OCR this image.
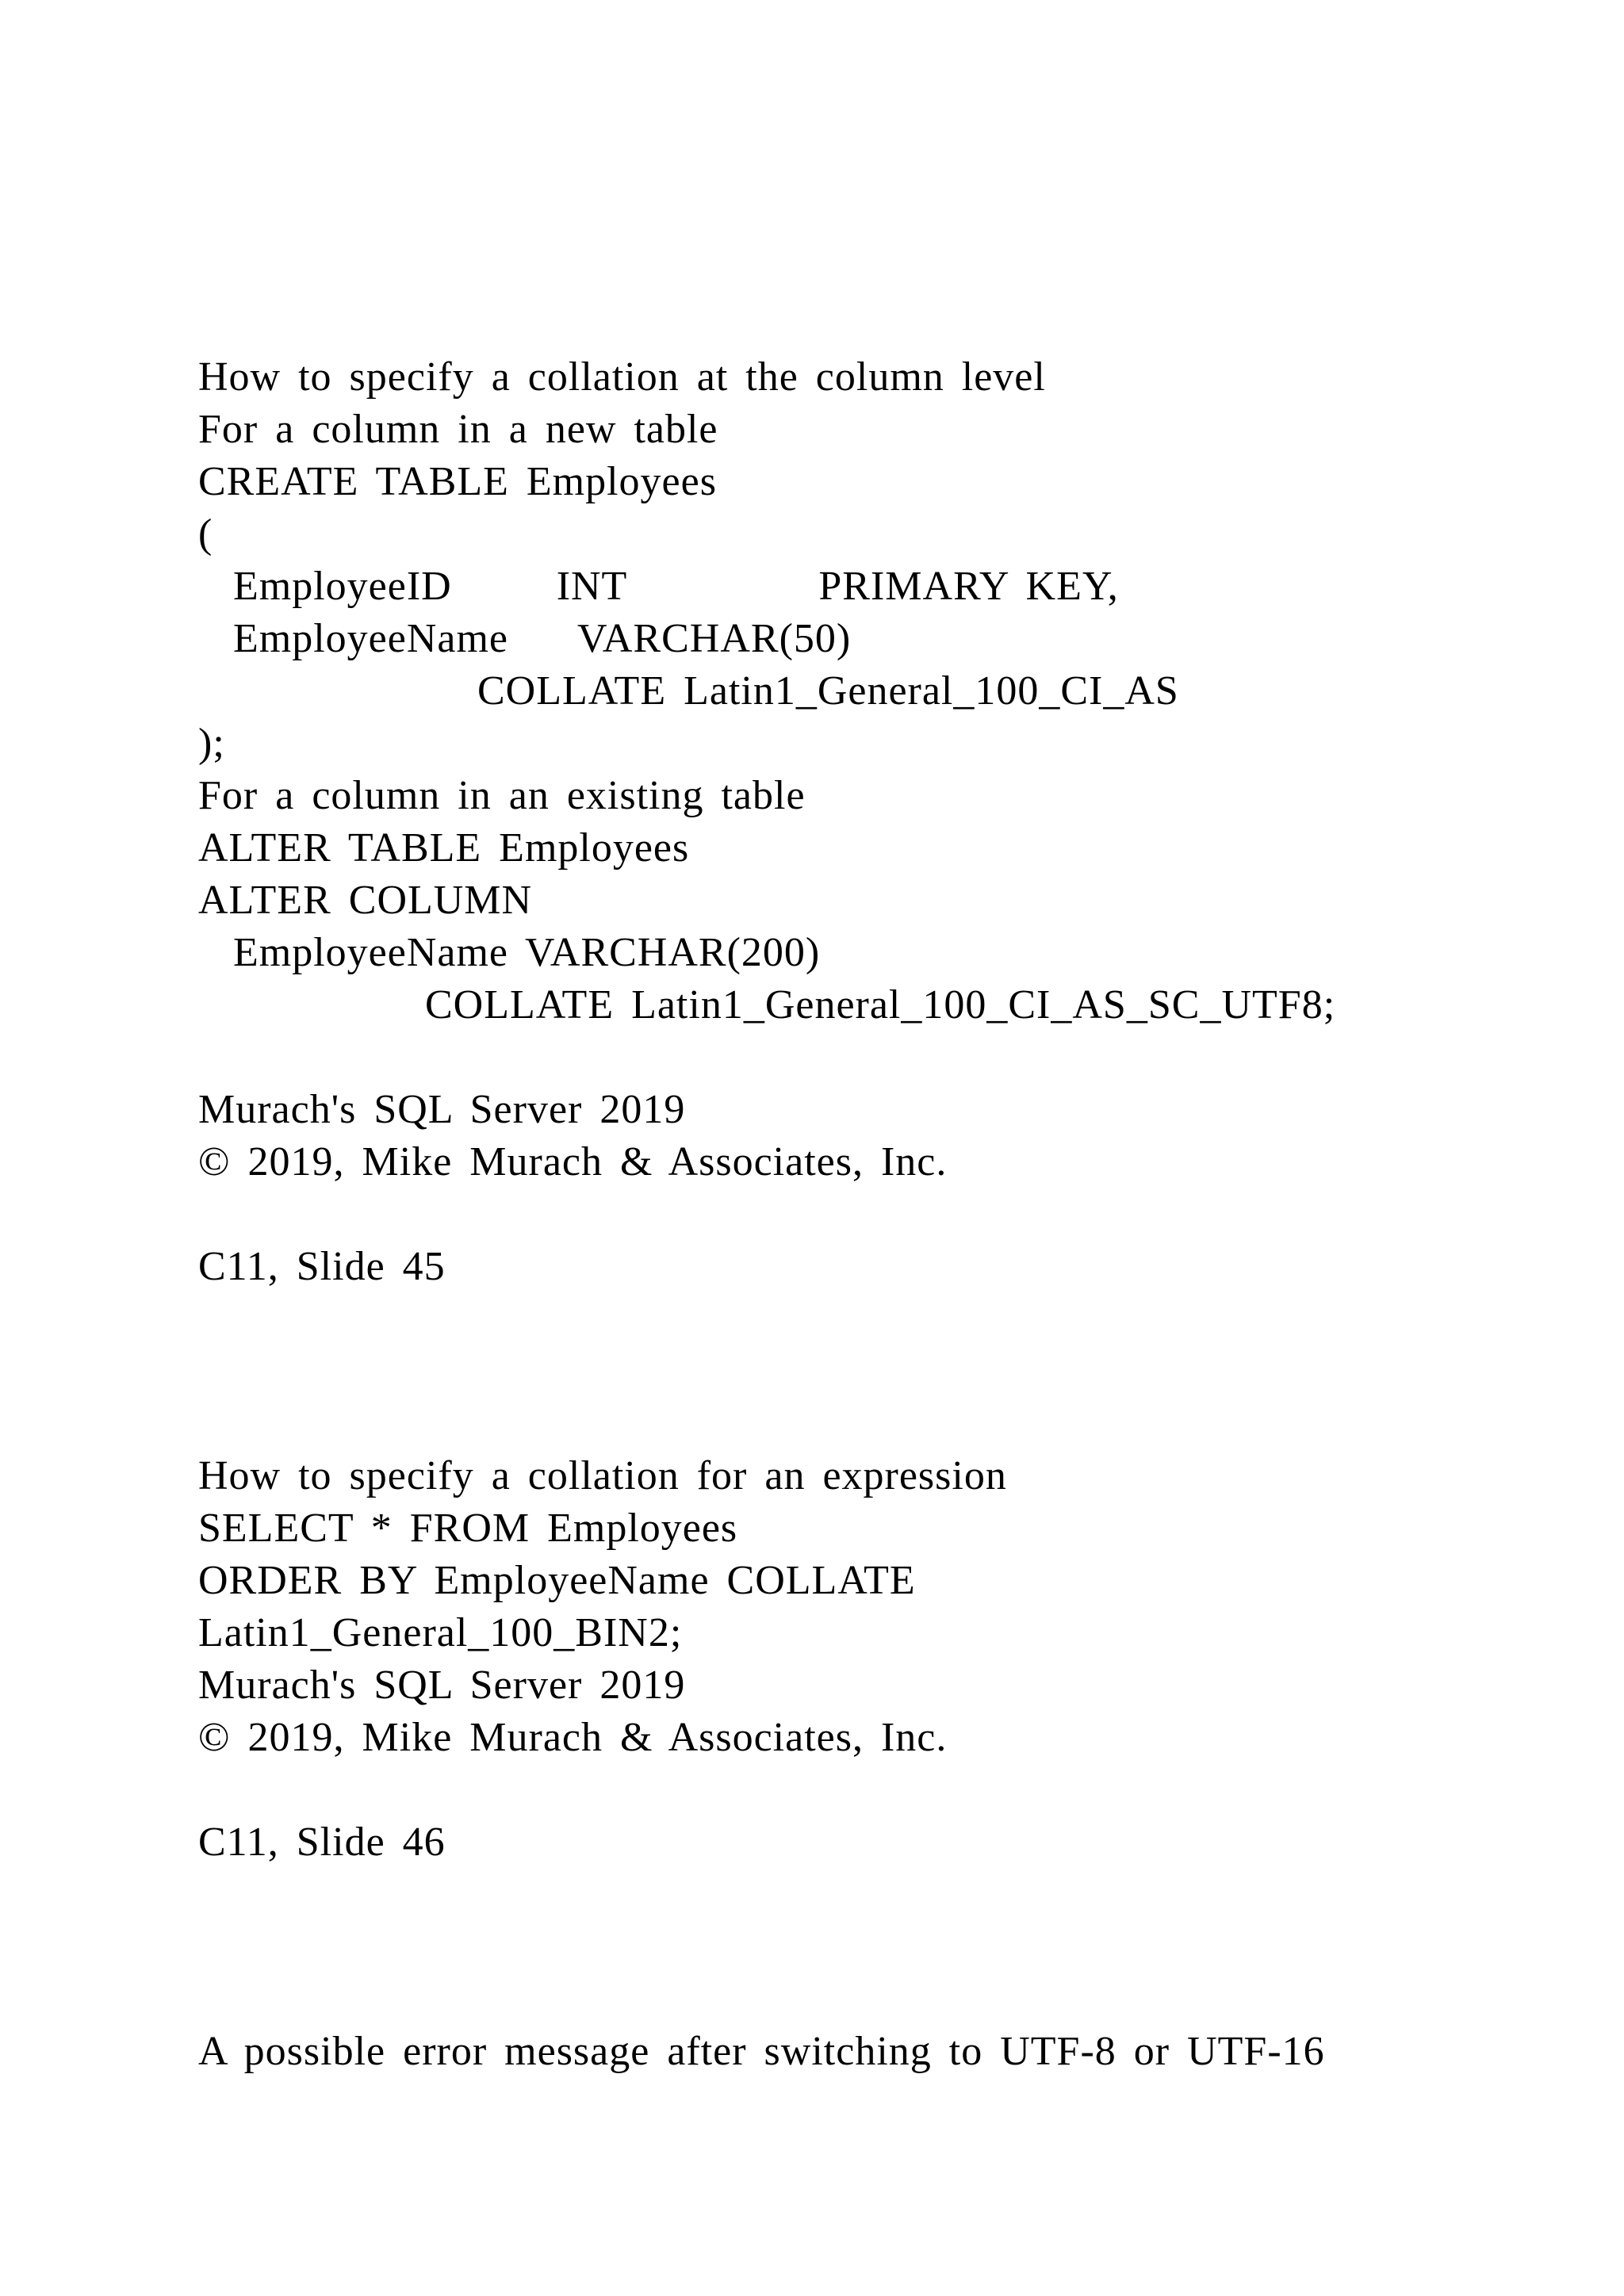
How to specify a collation at the column level
For a column in a new table
CREATE TABLE Employees
(
EmployeeID      INT           PRIMARY KEY,
EmployeeName    VARCHAR(50)
COLLATE Latin1_General_100_CI_AS
);
For a column in an existing table
ALTER TABLE Employees
ALTER COLUMN
EmployeeName VARCHAR(200)
COLLATE Latin1_General_100_CI_AS_SC_UTF8;
Murach's SQL Server 2019
© 2019, Mike Murach & Associates, Inc.
C11, Slide 45
How to specify a collation for an expression
SELECT * FROM Employees
ORDER BY EmployeeName COLLATE
Latin1_General_100_BIN2;
Murach's SQL Server 2019
© 2019, Mike Murach & Associates, Inc.
C11, Slide 46
A possible error message after switching to UTF-8 or UTF-16
